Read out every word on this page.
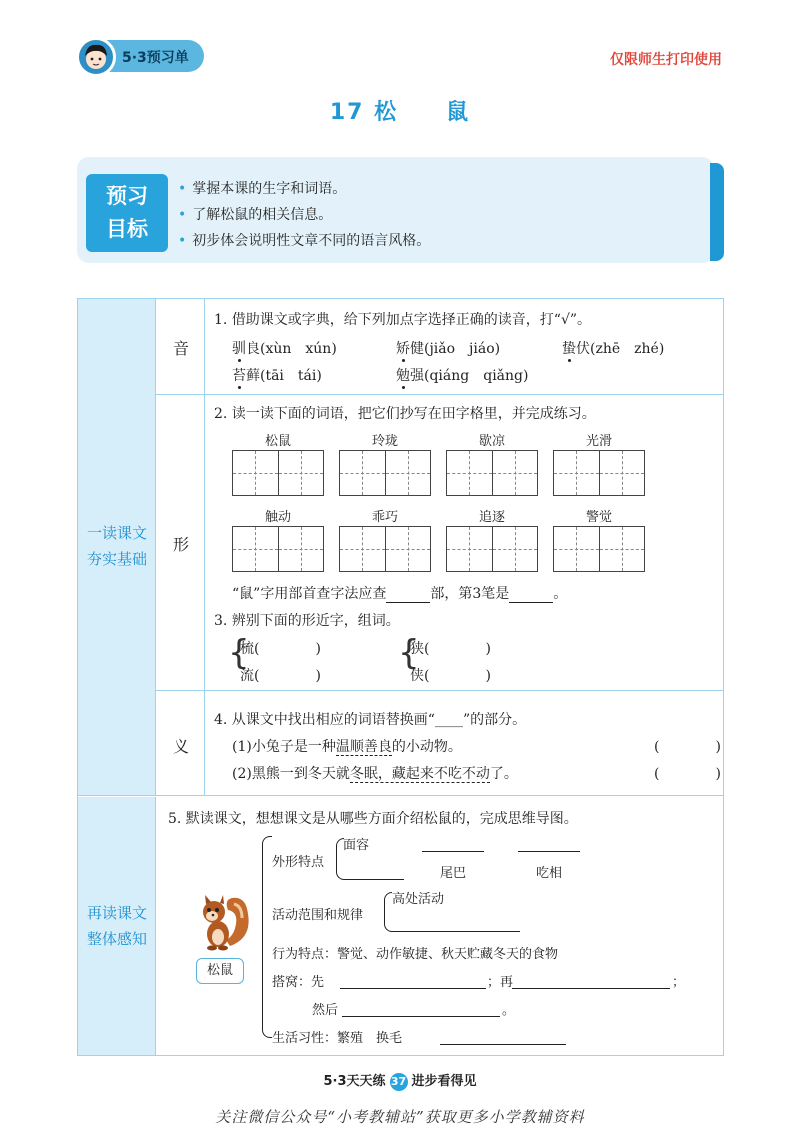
5·3预习单	仅限师生打印使用
17 松　　鼠
预习
目标
• 掌握本课的生字和词语。
• 了解松鼠的相关信息。
• 初步体会说明性文章不同的语言风格。
一读课文
夯实基础
音
1. 借助课文或字典，给下列加点字选择正确的读音，打“√”。
驯良(xùn　xún)	矫健(jiǎo　jiáo)	蛰伏(zhē　zhé)
苔藓(tāi　tái)	勉强(qiáng　qiǎng)
形
2. 读一读下面的词语，把它们抄写在田字格里，并完成练习。
松鼠	玲珑	歇凉	光滑
触动	乖巧	追逐	警觉
“鼠”字用部首查字法应查	部，第3笔是	。
3. 辨别下面的形近字，组词。
{
梳(　　　　)
流(　　　　)
{
狭(　　　　)
侠(　　　　)
义
4. 从课文中找出相应的词语替换画“____”的部分。
(1)小兔子是一种温顺善良的小动物。	(　　　　)
(2)黑熊一到冬天就冬眠，藏起来不吃不动了。	(　　　　)
再读课文
整体感知
5. 默读课文，想想课文是从哪些方面介绍松鼠的，完成思维导图。
松鼠
外形特点
面容
尾巴	吃相
活动范围和规律
高处活动
行为特点：警觉、动作敏捷、秋天贮藏冬天的食物
搭窝：先	；再	；
然后	。
生活习性：繁殖　换毛
5·3天天练 37 进步看得见
关注微信公众号“小考教辅站”获取更多小学教辅资料
